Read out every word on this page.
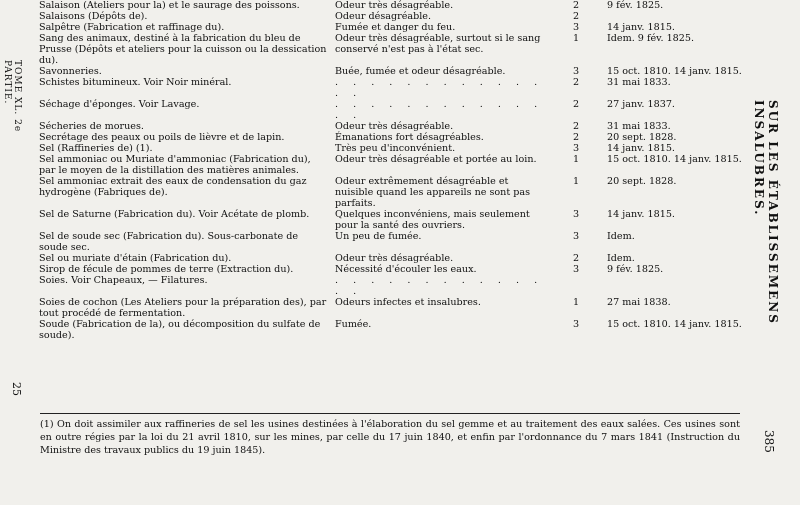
TOME XL. 2e PARTIE.
25
SUR LES ÉTABLISSEMENS INSALUBRES.
385
Salaison (Ateliers pour la) et le saurage des poissons.	Odeur très désagréable.	2	9 fév. 1825.
Salaisons (Dépôts de).	Odeur désagréable.	2	
Salpêtre (Fabrication et raffinage du).	Fumée et danger du feu.	3	14 janv. 1815.
Sang des animaux, destiné à la fabrication du bleu de Prusse (Dépôts et ateliers pour la cuisson ou la dessication du).	Odeur très désagréable, surtout si le sang conservé n'est pas à l'état sec.	1	Idem. 9 fév. 1825.
Savonneries.	Buée, fumée et odeur désagréable.	3	15 oct. 1810. 14 janv. 1815.
Schistes bitumineux. Voir Noir minéral.	. . . . . . . . . . . . . .	2	31 mai 1833.
Séchage d'éponges. Voir Lavage.	. . . . . . . . . . . . . .	2	27 janv. 1837.
Sécheries de morues.	Odeur très désagréable.	2	31 mai 1833.
Secrétage des peaux ou poils de lièvre et de lapin.	Émanations fort désagréables.	2	20 sept. 1828.
Sel (Raffineries de) (1).	Très peu d'inconvénient.	3	14 janv. 1815.
Sel ammoniac ou Muriate d'ammoniac (Fabrication du), par le moyen de la distillation des matières animales.	Odeur très désagréable et portée au loin.	1	15 oct. 1810. 14 janv. 1815.
Sel ammoniac extrait des eaux de condensation du gaz hydrogène (Fabriques de).	Odeur extrêmement désagréable et nuisible quand les appareils ne sont pas parfaits.	1	20 sept. 1828.
Sel de Saturne (Fabrication du). Voir Acétate de plomb.	Quelques inconvéniens, mais seulement pour la santé des ouvriers.	3	14 janv. 1815.
Sel de soude sec (Fabrication du). Sous-carbonate de soude sec.	Un peu de fumée.	3	Idem.
Sel ou muriate d'étain (Fabrication du).	Odeur très désagréable.	2	Idem.
Sirop de fécule de pommes de terre (Extraction du).	Nécessité d'écouler les eaux.	3	9 fév. 1825.
Soies. Voir Chapeaux, — Filatures.	. . . . . . . . . . . . . .		
Soies de cochon (Les Ateliers pour la préparation des), par tout procédé de fermentation.	Odeurs infectes et insalubres.	1	27 mai 1838.
Soude (Fabrication de la), ou décomposition du sulfate de soude).	Fumée.	3	15 oct. 1810. 14 janv. 1815.
(1) On doit assimiler aux raffineries de sel les usines destinées à l'élaboration du sel gemme et au traitement des eaux salées. Ces usines sont en outre régies par la loi du 21 avril 1810, sur les mines, par celle du 17 juin 1840, et enfin par l'ordonnance du 7 mars 1841 (Instruction du Ministre des travaux publics du 19 juin 1845).
